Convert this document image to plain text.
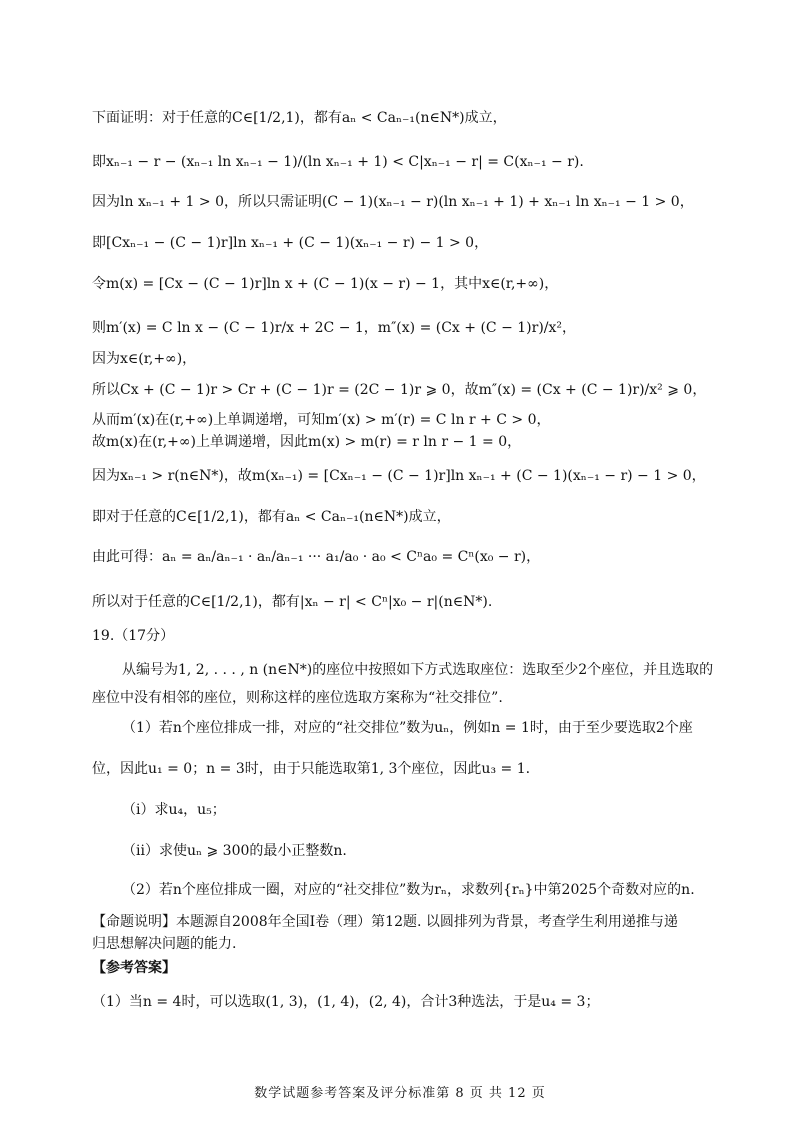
下面证明：对于任意的C∈[1/2,1)，都有aₙ < Caₙ₋₁(n∈N*)成立，
即xₙ₋₁ − r − (xₙ₋₁ ln xₙ₋₁ − 1)/(ln xₙ₋₁ + 1) < C|xₙ₋₁ − r| = C(xₙ₋₁ − r).
因为ln xₙ₋₁ + 1 > 0，所以只需证明(C − 1)(xₙ₋₁ − r)(ln xₙ₋₁ + 1) + xₙ₋₁ ln xₙ₋₁ − 1 > 0，
即[Cxₙ₋₁ − (C − 1)r]ln xₙ₋₁ + (C − 1)(xₙ₋₁ − r) − 1 > 0，
令m(x) = [Cx − (C − 1)r]ln x + (C − 1)(x − r) − 1，其中x∈(r,+∞)，
则m′(x) = C ln x − (C − 1)r/x + 2C − 1，m″(x) = (Cx + (C − 1)r)/x²，
因为x∈(r,+∞)，
所以Cx + (C − 1)r > Cr + (C − 1)r = (2C − 1)r ⩾ 0，故m″(x) = (Cx + (C − 1)r)/x² ⩾ 0，
从而m′(x)在(r,+∞)上单调递增，可知m′(x) > m′(r) = C ln r + C > 0，
故m(x)在(r,+∞)上单调递增，因此m(x) > m(r) = r ln r − 1 = 0，
因为xₙ₋₁ > r(n∈N*)，故m(xₙ₋₁) = [Cxₙ₋₁ − (C − 1)r]ln xₙ₋₁ + (C − 1)(xₙ₋₁ − r) − 1 > 0，
即对于任意的C∈[1/2,1)，都有aₙ < Caₙ₋₁(n∈N*)成立，
由此可得：aₙ = aₙ/aₙ₋₁ · aₙ/aₙ₋₁ ··· a₁/a₀ · a₀ < Cⁿa₀ = Cⁿ(x₀ − r)，
所以对于任意的C∈[1/2,1)，都有|xₙ − r| < Cⁿ|x₀ − r|(n∈N*).
19.（17分）
从编号为1, 2, . . . , n (n∈N*)的座位中按照如下方式选取座位：选取至少2个座位，并且选取的
座位中没有相邻的座位，则称这样的座位选取方案称为“社交排位”.
（1）若n个座位排成一排，对应的“社交排位”数为uₙ，例如n = 1时，由于至少要选取2个座
位，因此u₁ = 0；n = 3时，由于只能选取第1, 3个座位，因此u₃ = 1.
（i）求u₄，u₅；
（ii）求使uₙ ⩾ 300的最小正整数n.
（2）若n个座位排成一圈，对应的“社交排位”数为rₙ，求数列{rₙ}中第2025个奇数对应的n.
【命题说明】本题源自2008年全国Ⅰ卷（理）第12题. 以圆排列为背景，考查学生利用递推与递
归思想解决问题的能力.
【参考答案】
（1）当n = 4时，可以选取(1, 3)，(1, 4)，(2, 4)，合计3种选法，于是u₄ = 3；
数学试题参考答案及评分标准第 8 页 共 12 页
